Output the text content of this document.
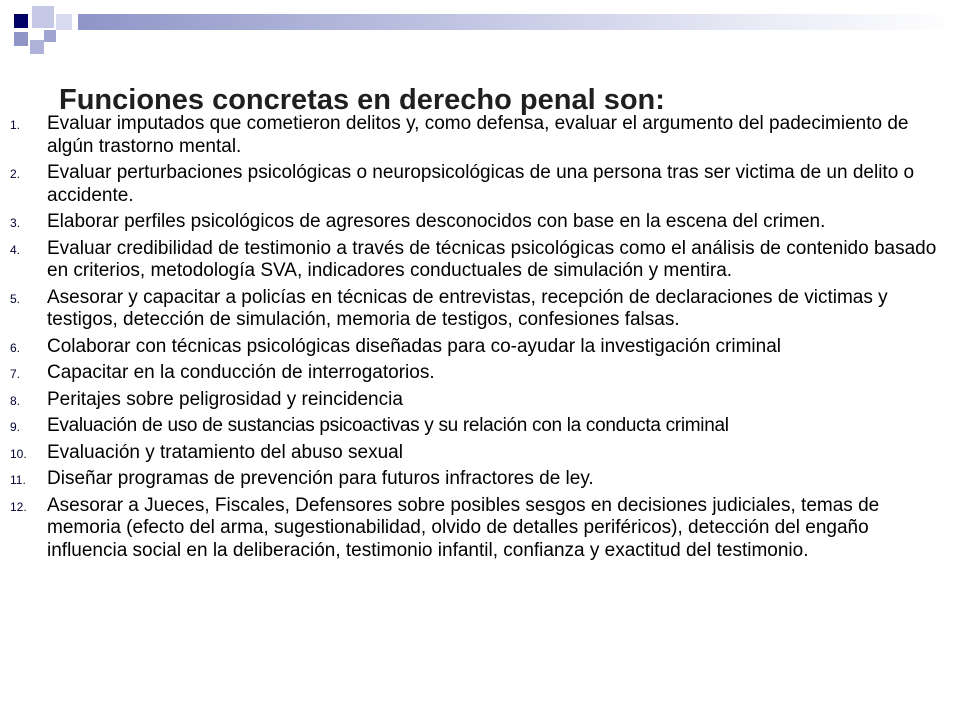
Funciones concretas en derecho penal son:
1. Evaluar imputados que cometieron delitos y, como defensa, evaluar el argumento del padecimiento de algún trastorno mental.
2. Evaluar perturbaciones psicológicas o neuropsicológicas de una persona tras ser victima de un delito o accidente.
3. Elaborar perfiles psicológicos de agresores desconocidos con base en la escena del crimen.
4. Evaluar credibilidad de testimonio a través de técnicas psicológicas como el análisis de contenido basado en criterios, metodología SVA, indicadores conductuales de simulación y mentira.
5. Asesorar y capacitar a policías en técnicas de entrevistas, recepción de declaraciones de victimas y testigos, detección de simulación, memoria de testigos, confesiones falsas.
6. Colaborar con técnicas psicológicas diseñadas para co-ayudar la investigación criminal
7. Capacitar en la conducción de interrogatorios.
8. Peritajes sobre peligrosidad y reincidencia
9. Evaluación de uso de sustancias psicoactivas y su relación con la conducta criminal
10. Evaluación y tratamiento del abuso sexual
11. Diseñar programas de prevención para futuros infractores de ley.
12. Asesorar a Jueces, Fiscales, Defensores sobre posibles sesgos en decisiones judiciales, temas de memoria (efecto del arma, sugestionabilidad, olvido de detalles periféricos), detección del engaño influencia social en la deliberación, testimonio infantil, confianza y exactitud del testimonio.
